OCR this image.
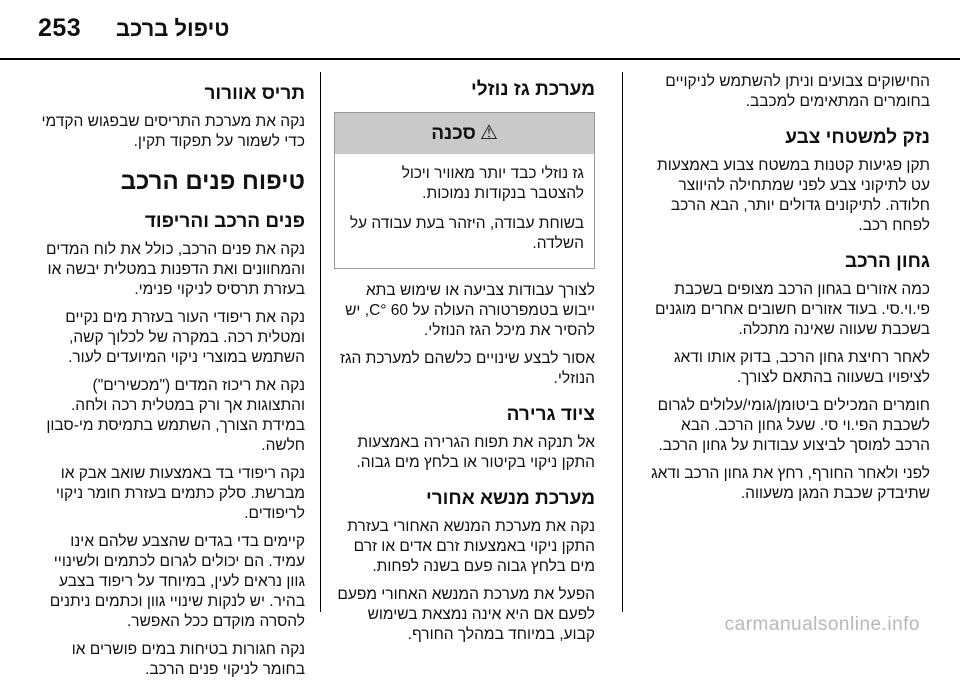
253 טיפול ברכב

החישוקים צבועים וניתן להשתמש לניקויים בחומרים המתאימים למכבב.

נזק למשטחי צבע

תקן פגיעות קטנות במשטח צבוע באמצעות עט לתיקוני צבע לפני שמתחילה להיווצר חלודה. לתיקונים גדולים יותר, הבא הרכב לפחח רכב.

גחון הרכב

כמה אזורים בגחון הרכב מצופים בשכבת פי.וי.סי. בעוד אזורים חשובים אחרים מוגנים בשכבת שעווה שאינה מתכלה.

לאחר רחיצת גחון הרכב, בדוק אותו ודאג לציפויו בשעווה בהתאם לצורך.

חומרים המכילים ביטומן/גומי/עלולים לגרום לשכבת הפי.וי סי. שעל גחון הרכב. הבא הרכב למוסך לביצוע עבודות על גחון הרכב.

לפני ולאחר החורף, רחץ את גחון הרכב ודאג שתיבדק שכבת המגן משעווה.

מערכת גז נוזלי
⚠סכנה

גז נוזלי כבד יותר מאוויר ויכול להצטבר בנקודות נמוכות.

בשוחת עבודה, היזהר בעת עבודה על השלדה.

לצורך עבודות צביעה או שימוש בתא ייבוש בטמפרטורה העולה על 60 °C, יש להסיר את מיכל הגז הנוזלי.

אסור לבצע שינויים כלשהם למערכת הגז הנוזלי.

ציוד גרירה

אל תנקה את תפוח הגרירה באמצעות התקן ניקוי בקיטור או בלחץ מים גבוה.

מערכת מנשא אחורי

נקה את מערכת המנשא האחורי בעזרת התקן ניקוי באמצעות זרם אדים או זרם מים בלחץ גבוה פעם בשנה לפחות.

הפעל את מערכת המנשא האחורי מפעם לפעם אם היא אינה נמצאת בשימוש קבוע, במיוחד במהלך החורף.

תריס אוורור

נקה את מערכת התריסים שבפגוש הקדמי כדי לשמור על תפקוד תקין.

טיפוח פנים הרכב
פנים הרכב והריפוד

נקה את פנים הרכב, כולל את לוח המדים והמחוונים ואת הדפנות במטלית יבשה או בעזרת תרסיס לניקוי פנימי.

נקה את ריפודי העור בעזרת מים נקיים ומטלית רכה. במקרה של לכלוך קשה, השתמש במוצרי ניקוי המיועדים לעור.

נקה את ריכוז המדים ("מכשירים") והתצוגות אך ורק במטלית רכה ולחה. במידת הצורך, השתמש בתמיסת מי-סבון חלשה.

נקה ריפודי בד באמצעות שואב אבק או מברשת. סלק כתמים בעזרת חומר ניקוי לריפודים.

קיימים בדי בגדים שהצבע שלהם אינו עמיד. הם יכולים לגרום לכתמים ולשינויי גוון נראים לעין, במיוחד על ריפוד בצבע בהיר. יש לנקות שינויי גוון וכתמים ניתנים להסרה מוקדם ככל האפשר.

נקה חגורות בטיחות במים פושרים או בחומר לניקוי פנים הרכב.

carmanualsonline.info
